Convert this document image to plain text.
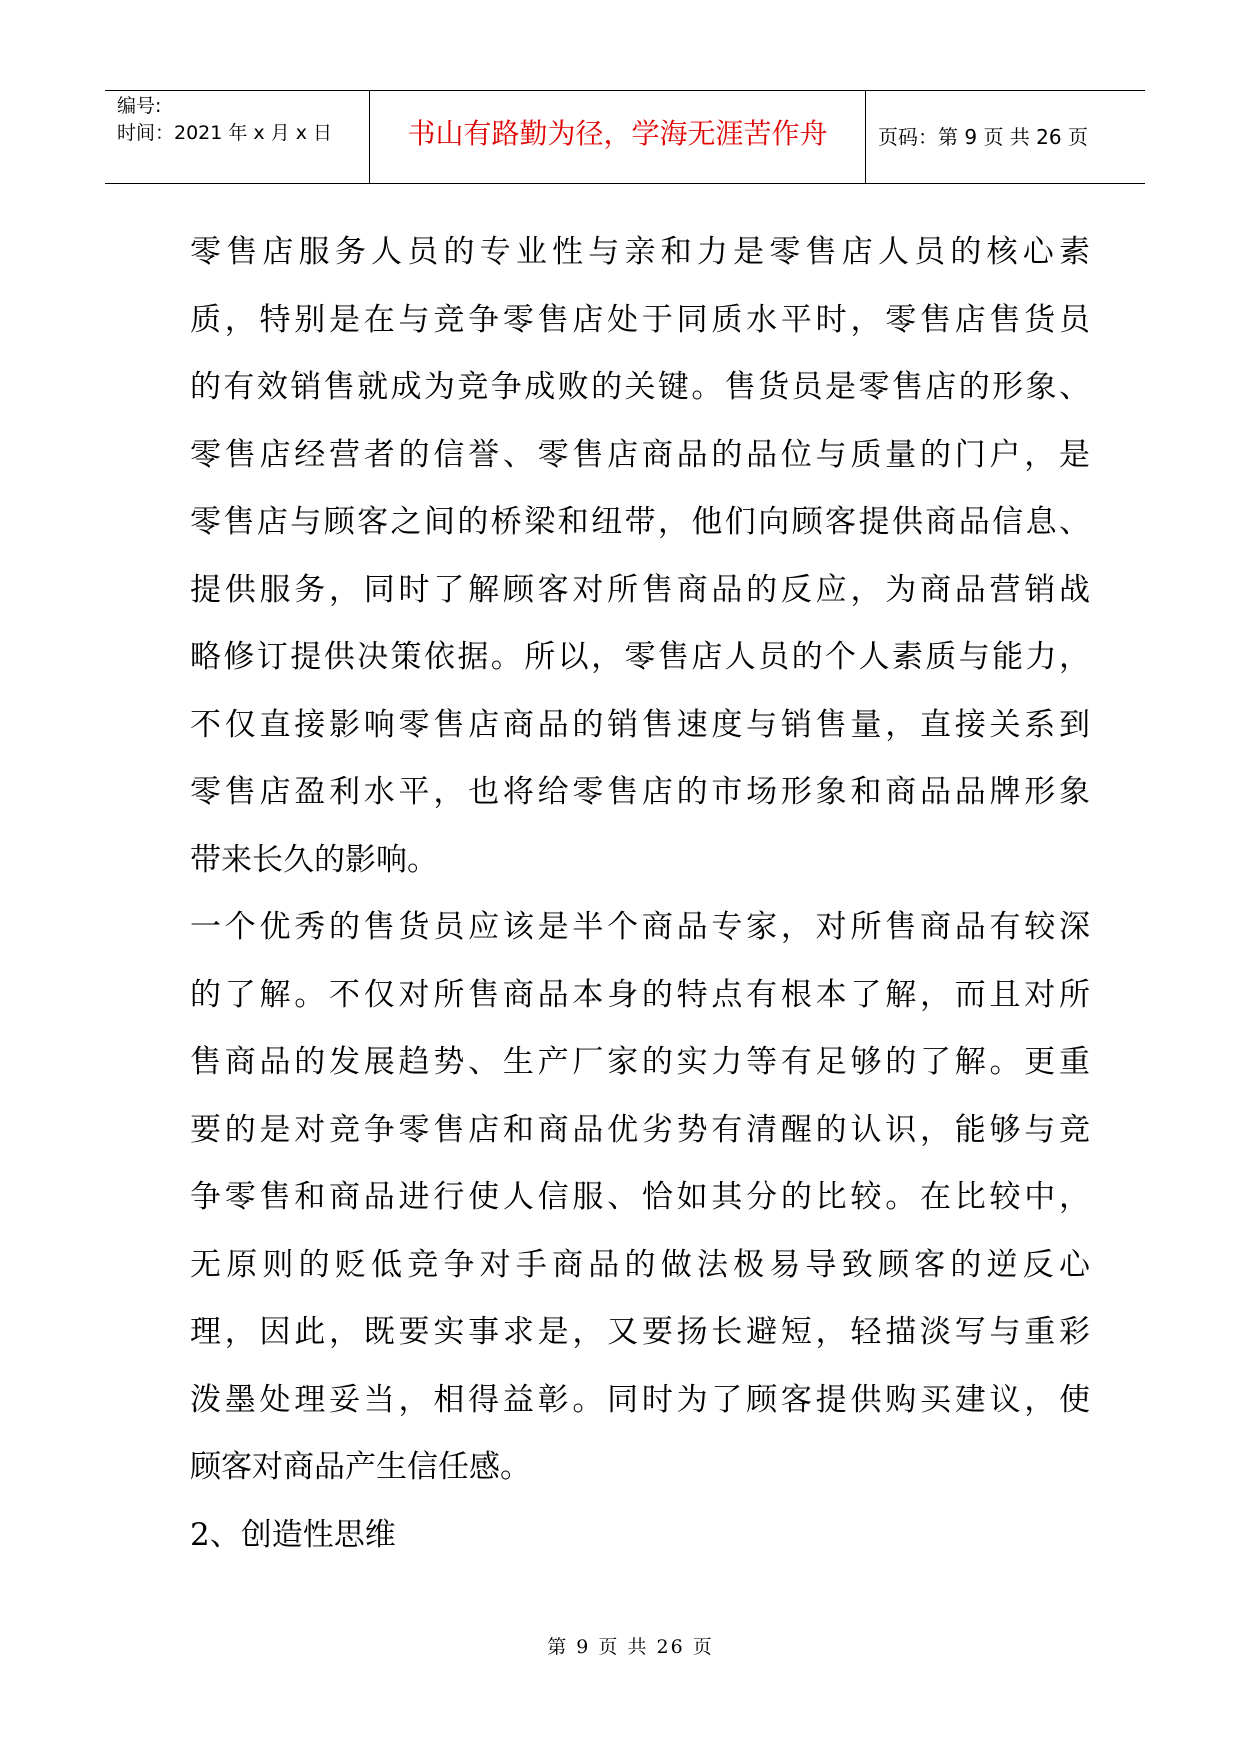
编号:
时间：2021 年 x 月 x 日	书山有路勤为径，学海无涯苦作舟	页码：第 9 页 共 26 页
零售店服务人员的专业性与亲和力是零售店人员的核心素
质，特别是在与竞争零售店处于同质水平时，零售店售货员
的有效销售就成为竞争成败的关键。售货员是零售店的形象、
零售店经营者的信誉、零售店商品的品位与质量的门户，是
零售店与顾客之间的桥梁和纽带，他们向顾客提供商品信息、
提供服务，同时了解顾客对所售商品的反应，为商品营销战
略修订提供决策依据。所以，零售店人员的个人素质与能力，
不仅直接影响零售店商品的销售速度与销售量，直接关系到
零售店盈利水平，也将给零售店的市场形象和商品品牌形象
带来长久的影响。
一个优秀的售货员应该是半个商品专家，对所售商品有较深
的了解。不仅对所售商品本身的特点有根本了解，而且对所
售商品的发展趋势、生产厂家的实力等有足够的了解。更重
要的是对竞争零售店和商品优劣势有清醒的认识，能够与竞
争零售和商品进行使人信服、恰如其分的比较。在比较中，
无原则的贬低竞争对手商品的做法极易导致顾客的逆反心
理，因此，既要实事求是，又要扬长避短，轻描淡写与重彩
泼墨处理妥当，相得益彰。同时为了顾客提供购买建议，使
顾客对商品产生信任感。
2、创造性思维
第 9 页 共 26 页
